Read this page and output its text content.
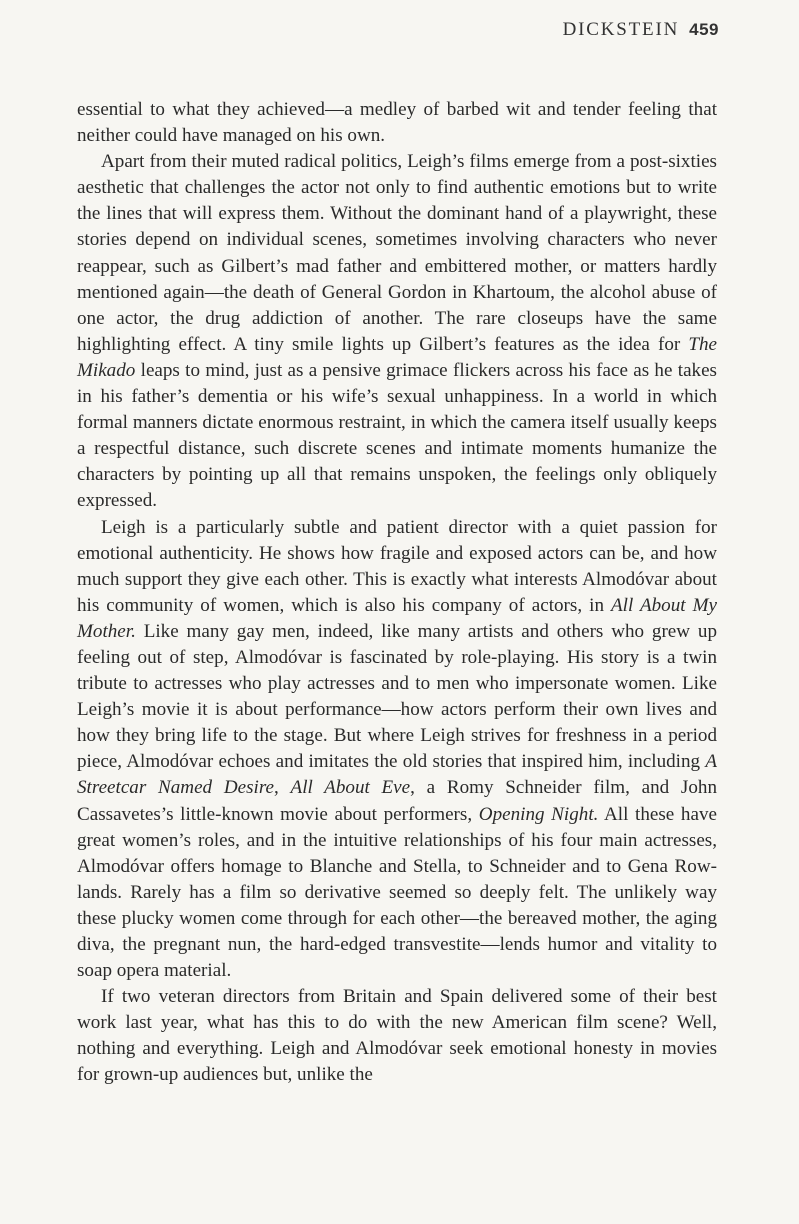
DICKSTEIN 459

essential to what they achieved—a medley of barbed wit and tender feeling that neither could have managed on his own.

Apart from their muted radical politics, Leigh’s films emerge from a post-sixties aesthetic that challenges the actor not only to find authentic emotions but to write the lines that will express them. Without the dominant hand of a playwright, these stories depend on individual scenes, sometimes involving characters who never reappear, such as Gilbert’s mad father and embittered mother, or matters hardly mentioned again—the death of General Gordon in Khartoum, the alcohol abuse of one actor, the drug addiction of another. The rare closeups have the same highlighting effect. A tiny smile lights up Gilbert’s features as the idea for The Mikado leaps to mind, just as a pensive grimace flickers across his face as he takes in his father’s dementia or his wife’s sexual unhappiness. In a world in which formal manners dictate enormous restraint, in which the camera itself usually keeps a respectful distance, such discrete scenes and intimate moments humanize the characters by pointing up all that remains unspoken, the feelings only obliquely expressed.

Leigh is a particularly subtle and patient director with a quiet passion for emotional authenticity. He shows how fragile and exposed actors can be, and how much support they give each other. This is exactly what interests Almodóvar about his community of women, which is also his company of actors, in All About My Mother. Like many gay men, indeed, like many artists and others who grew up feeling out of step, Almodóvar is fascinated by role-playing. His story is a twin tribute to actresses who play actresses and to men who impersonate women. Like Leigh’s movie it is about performance—how actors perform their own lives and how they bring life to the stage. But where Leigh strives for freshness in a period piece, Almodóvar echoes and imitates the old stories that inspired him, including A Streetcar Named Desire, All About Eve, a Romy Schneider film, and John Cassavetes’s little-known movie about performers, Opening Night. All these have great women’s roles, and in the intuitive relationships of his four main actresses, Almodóvar offers homage to Blanche and Stella, to Schneider and to Gena Rowlands. Rarely has a film so derivative seemed so deeply felt. The unlikely way these plucky women come through for each other—the bereaved mother, the aging diva, the pregnant nun, the hard-edged transvestite—lends humor and vitality to soap opera material.

If two veteran directors from Britain and Spain delivered some of their best work last year, what has this to do with the new American film scene? Well, nothing and everything. Leigh and Almodóvar seek emotional honesty in movies for grown-up audiences but, unlike the
